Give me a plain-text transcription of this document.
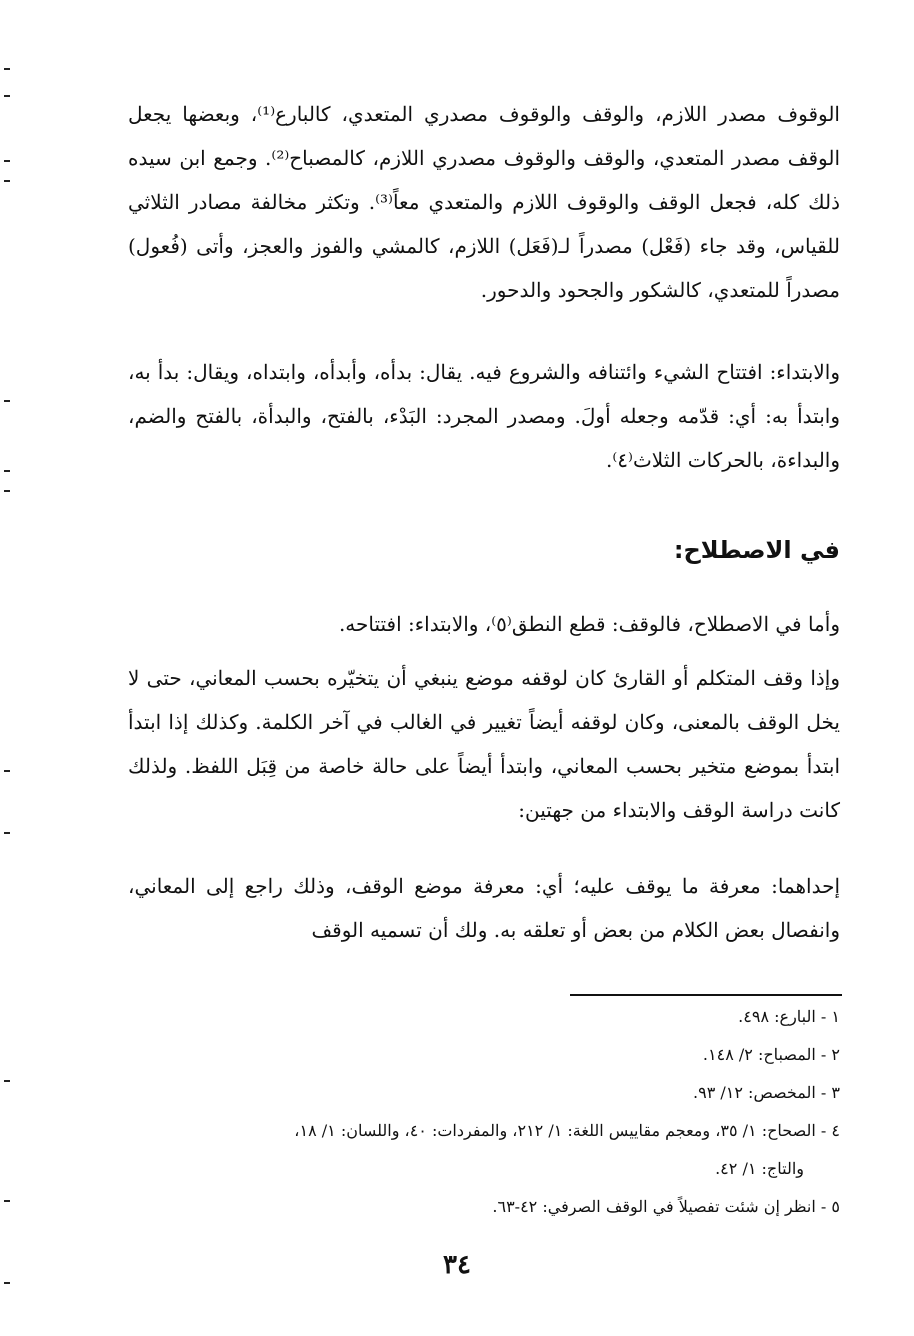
الوقوف مصدر اللازم، والوقف والوقوف مصدري المتعدي، كالبارع⁽¹⁾، وبعضها يجعل الوقف مصدر المتعدي، والوقف والوقوف مصدري اللازم، كالمصباح⁽²⁾. وجمع ابن سيده ذلك كله، فجعل الوقف والوقوف اللازم والمتعدي معاً⁽³⁾. وتكثر مخالفة مصادر الثلاثي للقياس، وقد جاء (فَعْل) مصدراً لـ(فَعَل) اللازم، كالمشي والفوز والعجز، وأتى (فُعول) مصدراً للمتعدي، كالشكور والجحود والدحور.

والابتداء: افتتاح الشيء وائتنافه والشروع فيه. يقال: بدأه، وأبدأه، وابتداه، ويقال: بدأ به، وابتدأ به: أي: قدّمه وجعله أولَ. ومصدر المجرد: البَدْء، بالفتح، والبدأة، بالفتح والضم، والبداءة، بالحركات الثلاث⁽٤⁾.

في الاصطلاح:

وأما في الاصطلاح، فالوقف: قطع النطق⁽٥⁾، والابتداء: افتتاحه.

وإذا وقف المتكلم أو القارئ كان لوقفه موضع ينبغي أن يتخيّره بحسب المعاني، حتى لا يخل الوقف بالمعنى، وكان لوقفه أيضاً تغيير في الغالب في آخر الكلمة. وكذلك إذا ابتدأ ابتدأ بموضع متخير بحسب المعاني، وابتدأ أيضاً على حالة خاصة من قِبَل اللفظ. ولذلك كانت دراسة الوقف والابتداء من جهتين:

إحداهما: معرفة ما يوقف عليه؛ أي: معرفة موضع الوقف، وذلك راجع إلى المعاني، وانفصال بعض الكلام من بعض أو تعلقه به. ولك أن تسميه الوقف

١ - البارع: ٤٩٨.

٢ - المصباح: ٢/ ١٤٨.

٣ - المخصص: ١٢/ ٩٣.

٤ - الصحاح: ١/ ٣٥، ومعجم مقاييس اللغة: ١/ ٢١٢، والمفردات: ٤٠، واللسان: ١/ ١٨،

والتاج: ١/ ٤٢.

٥ - انظر إن شئت تفصيلاً في الوقف الصرفي: ٤٢-٦٣.

٣٤
